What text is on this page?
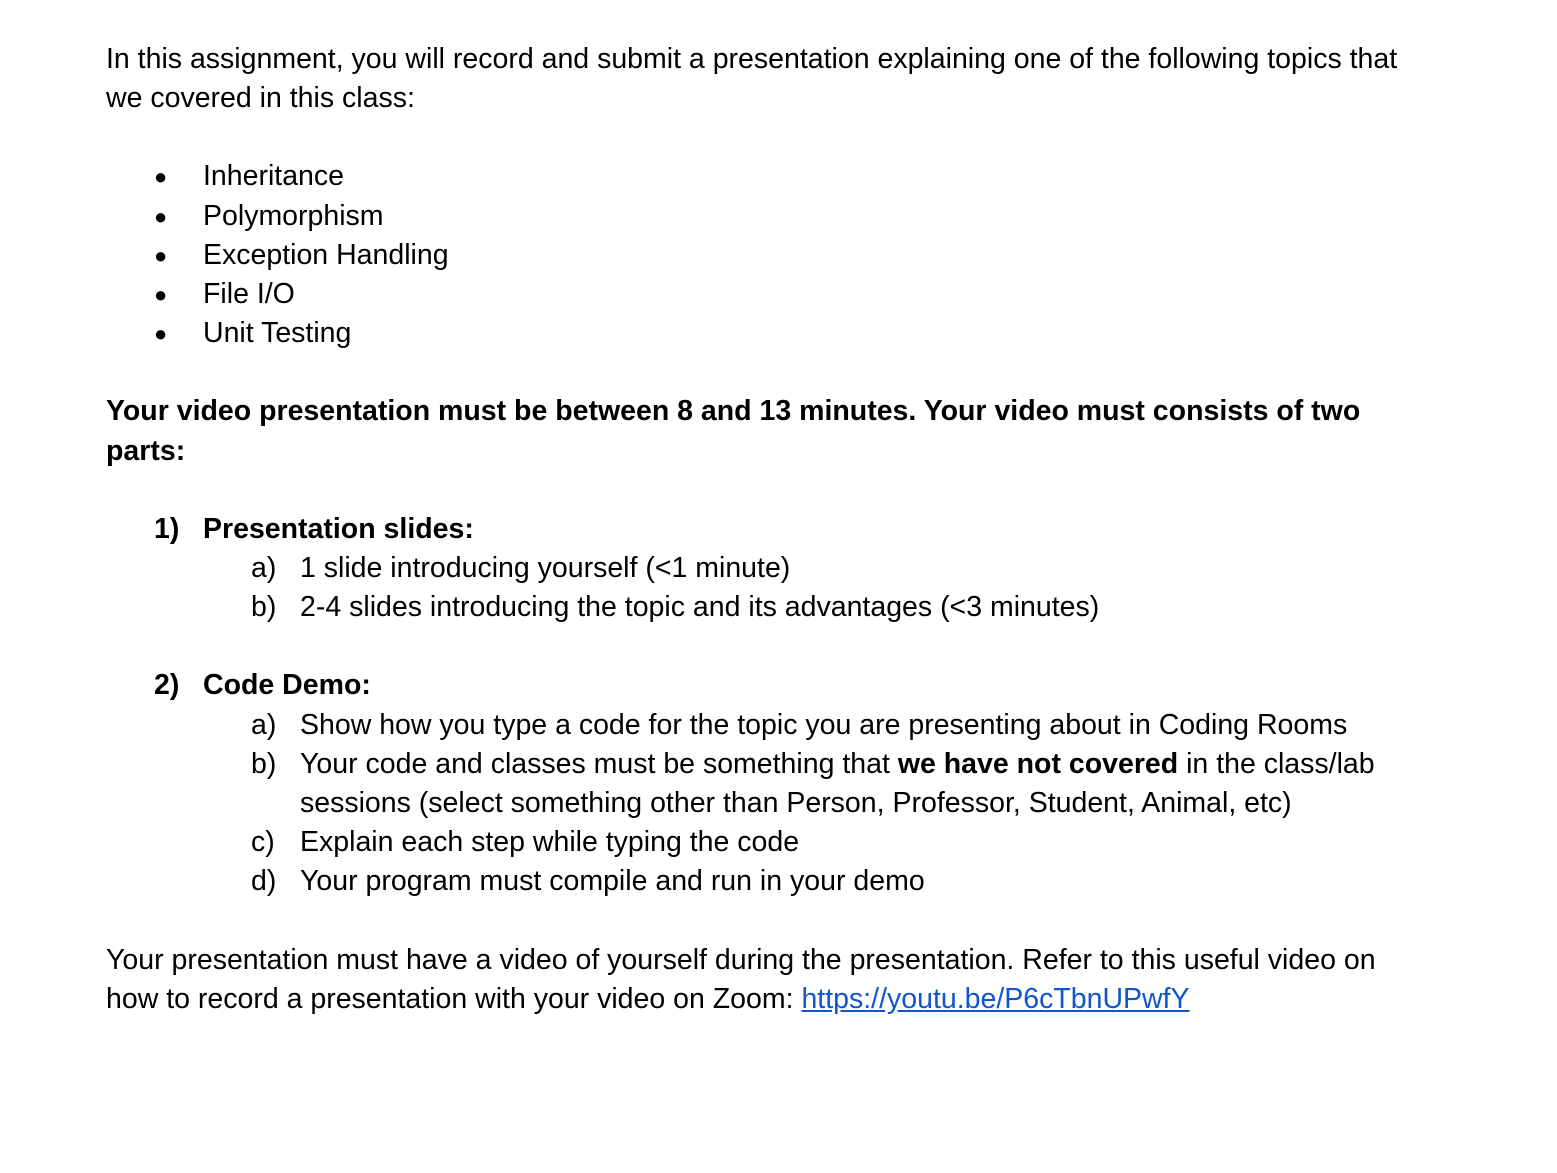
In this assignment, you will record and submit a presentation explaining one of the following topics that we covered in this class:

● Inheritance
● Polymorphism
● Exception Handling
● File I/O
● Unit Testing

Your video presentation must be between 8 and 13 minutes. Your video must consists of two parts:

1) Presentation slides:
a) 1 slide introducing yourself (<1 minute)
b) 2-4 slides introducing the topic and its advantages (<3 minutes)
2) Code Demo:
a) Show how you type a code for the topic you are presenting about in Coding Rooms
b) Your code and classes must be something that we have not covered in the class/lab sessions (select something other than Person, Professor, Student, Animal, etc)
c) Explain each step while typing the code
d) Your program must compile and run in your demo

Your presentation must have a video of yourself during the presentation. Refer to this useful video on how to record a presentation with your video on Zoom: https://youtu.be/P6cTbnUPwfY
